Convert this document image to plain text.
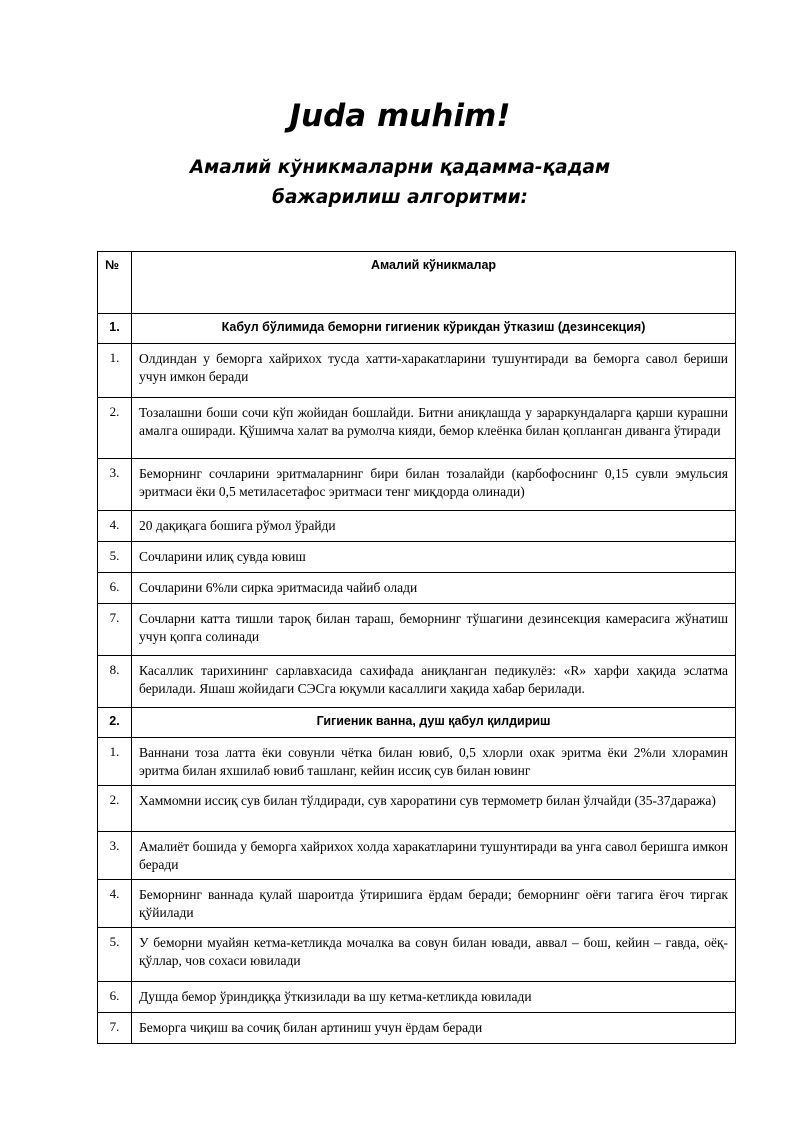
Juda muhim!
Амалий кўникмаларни қадамма-қадам бажарилиш алгоритми:
№	Амалий кўникмалар
1.	Кабул бўлимида беморни гигиеник кўрикдан ўтказиш (дезинсекция)
1.	Олдиндан у беморга хайрихох тусда хатти-харакатларини тушунтиради ва беморга савол бериши учун имкон беради
2.	Тозалашни боши сочи кўп жойидан бошлайди. Битни аниқлашда у зараркундаларга қарши курашни амалга оширади. Қўшимча халат ва румолча кияди, бемор клеёнка билан қопланган диванга ўтиради
3.	Беморнинг сочларини эритмаларнинг бири билан тозалайди (карбофоснинг 0,15 сувли эмульсия эритмаси ёки 0,5 метиласетафос эритмаси тенг миқдорда олинади)
4.	20 дақиқага бошига рўмол ўрайди
5.	Сочларини илиқ сувда ювиш
6.	Сочларини 6%ли сирка эритмасида чайиб олади
7.	Сочларни катта тишли тароқ билан тараш, беморнинг тўшагини дезинсекция камерасига жўнатиш учун қопга солинади
8.	Касаллик тарихининг сарлавхасида сахифада аниқланган педикулёз: «R» харфи хақида эслатма берилади. Яшаш жойидаги СЭСга юқумли касаллиги хақида хабар берилади.
2.	Гигиеник ванна, душ қабул қилдириш
1.	Ваннани тоза латта ёки совунли чётка билан ювиб, 0,5 хлорли охак эритма ёки 2%ли хлорамин эритма билан яхшилаб ювиб ташланг, кейин иссиқ сув билан ювинг
2.	Хаммомни иссиқ сув билан тўлдиради, сув хароратини сув термометр билан ўлчайди (35-37даража)
3.	Амалиёт бошида у беморга хайрихох холда харакатларини тушунтиради ва унга савол беришга имкон беради
4.	Беморнинг ваннада қулай шароитда ўтиришига ёрдам беради; беморнинг оёғи тагига ёғоч тиргак қўйилади
5.	У беморни муайян кетма-кетликда мочалка ва совун билан ювади, аввал – бош, кейин – гавда, оёқ-қўллар, чов сохаси ювилади
6.	Душда бемор ўриндиққа ўткизилади ва шу кетма-кетликда ювилади
7.	Беморга чиқиш ва сочиқ билан артиниш учун ёрдам беради
